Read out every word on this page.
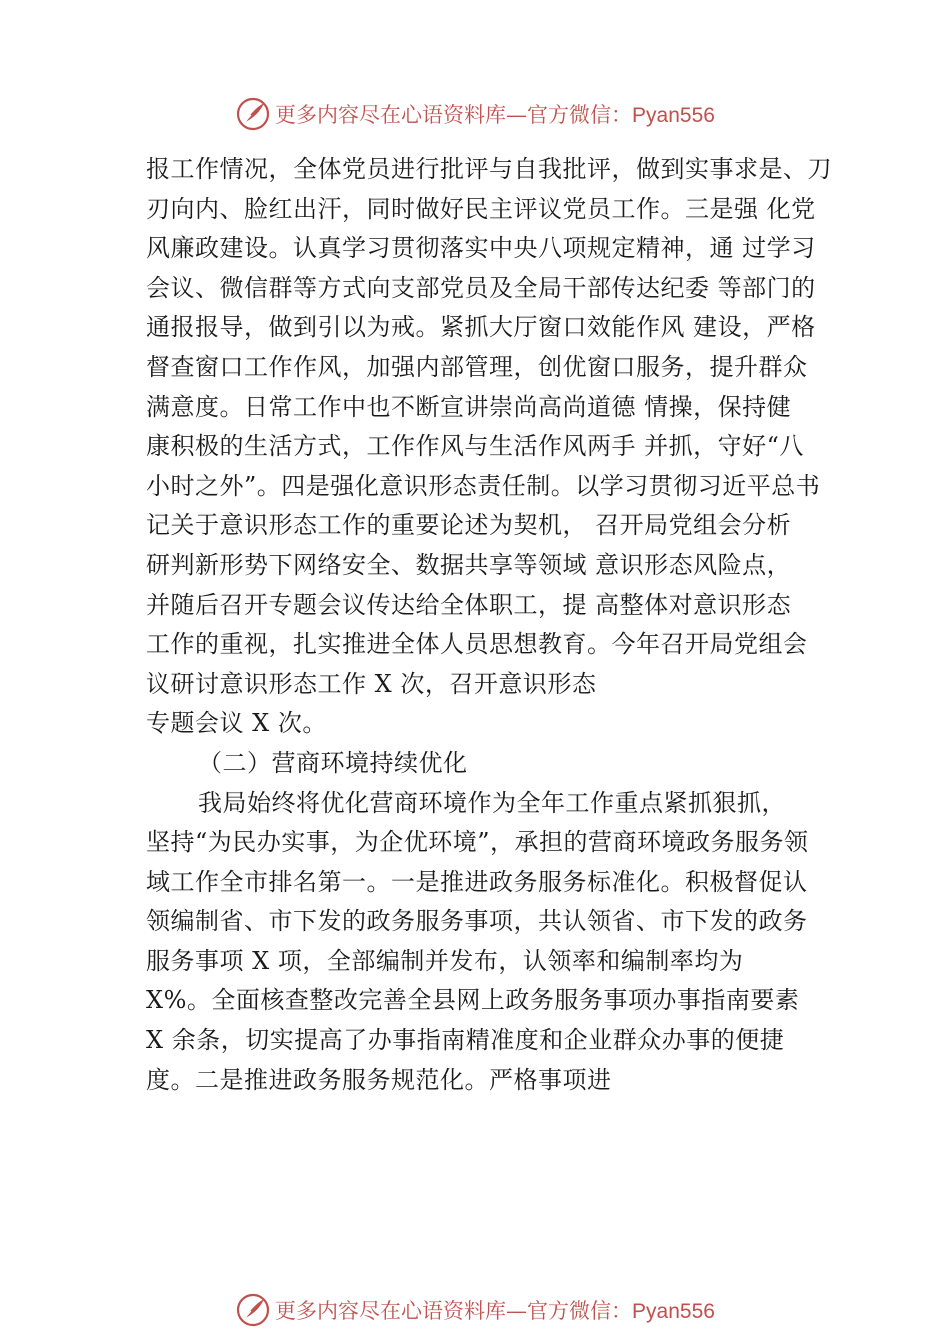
更多内容尽在心语资料库—官方微信：Pyan556
报工作情况，全体党员进行批评与自我批评，做到实事求是、刀
刃向内、脸红出汗，同时做好民主评议党员工作。三是强 化党
风廉政建设。认真学习贯彻落实中央八项规定精神，通 过学习
会议、微信群等方式向支部党员及全局干部传达纪委 等部门的
通报报导，做到引以为戒。紧抓大厅窗口效能作风 建设，严格
督查窗口工作作风，加强内部管理，创优窗口服务，提升群众
满意度。日常工作中也不断宣讲崇尚高尚道德 情操，保持健
康积极的生活方式，工作作风与生活作风两手 并抓，守好“八
小时之外”。四是强化意识形态责任制。以学习贯彻习近平总书
记关于意识形态工作的重要论述为契机， 召开局党组会分析
研判新形势下网络安全、数据共享等领域 意识形态风险点，
并随后召开专题会议传达给全体职工，提 高整体对意识形态
工作的重视，扎实推进全体人员思想教育。今年召开局党组会
议研讨意识形态工作 X 次，召开意识形态
专题会议 X 次。
（二）营商环境持续优化
我局始终将优化营商环境作为全年工作重点紧抓狠抓，
坚持“为民办实事，为企优环境”，承担的营商环境政务服务领
域工作全市排名第一。一是推进政务服务标准化。积极督促认
领编制省、市下发的政务服务事项，共认领省、市下发的政务
服务事项 X 项，全部编制并发布，认领率和编制率均为
X%。全面核查整改完善全县网上政务服务事项办事指南要素
X 余条，切实提高了办事指南精准度和企业群众办事的便捷
度。二是推进政务服务规范化。严格事项进
更多内容尽在心语资料库—官方微信：Pyan556
